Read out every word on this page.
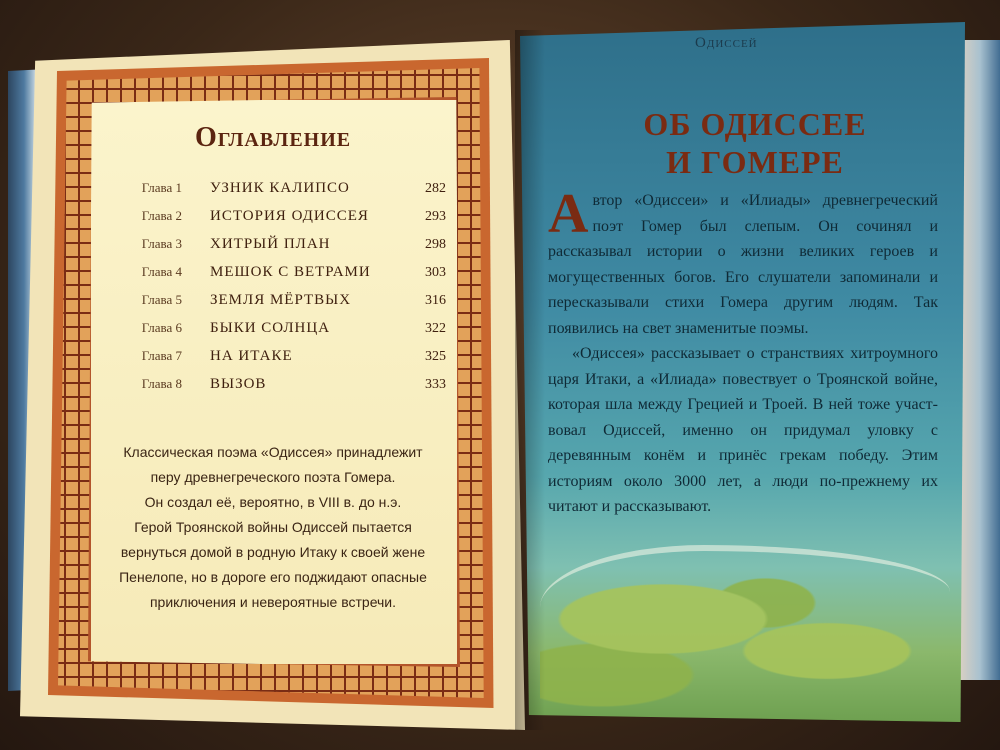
Оглавление
Глава 1 УЗНИК КАЛИПСО	282
Глава 2 ИСТОРИЯ ОДИССЕЯ	293
Глава 3 ХИТРЫЙ ПЛАН	298
Глава 4 МЕШОК С ВЕТРАМИ	303
Глава 5 ЗЕМЛЯ МЁРТВЫХ	316
Глава 6 БЫКИ СОЛНЦА	322
Глава 7 НА ИТАКЕ	325
Глава 8 ВЫЗОВ	333
Классическая поэма «Одиссея» принадлежит
перу древнегреческого поэта Гомера.
Он создал её, вероятно, в VIII в. до н.э.
Герой Троянской войны Одиссей пытается
вернуться домой в родную Итаку к своей жене
Пенелопе, но в дороге его поджидают опасные
приключения и невероятные встречи.
Одиссей
ОБ ОДИССЕЕ
И ГОМЕРЕ

Автор «Одиссеи» и «Илиады» древнегреческий поэт Гомер был слепым. Он сочинял и рассказывал истории о жизни великих героев и могущественных богов. Его слушатели запоминали и пересказывали стихи Гомера другим людям. Так появились на свет знаменитые поэмы.

«Одиссея» рассказывает о странствиях хитроумного царя Итаки, а «Илиада» повествует о Троянской войне, которая шла между Грецией и Троей. В ней тоже участвовал Одиссей, именно он придумал уловку с деревянным конём и принёс грекам победу. Этим историям около 3000 лет, а люди по-прежнему их читают и рассказывают.
